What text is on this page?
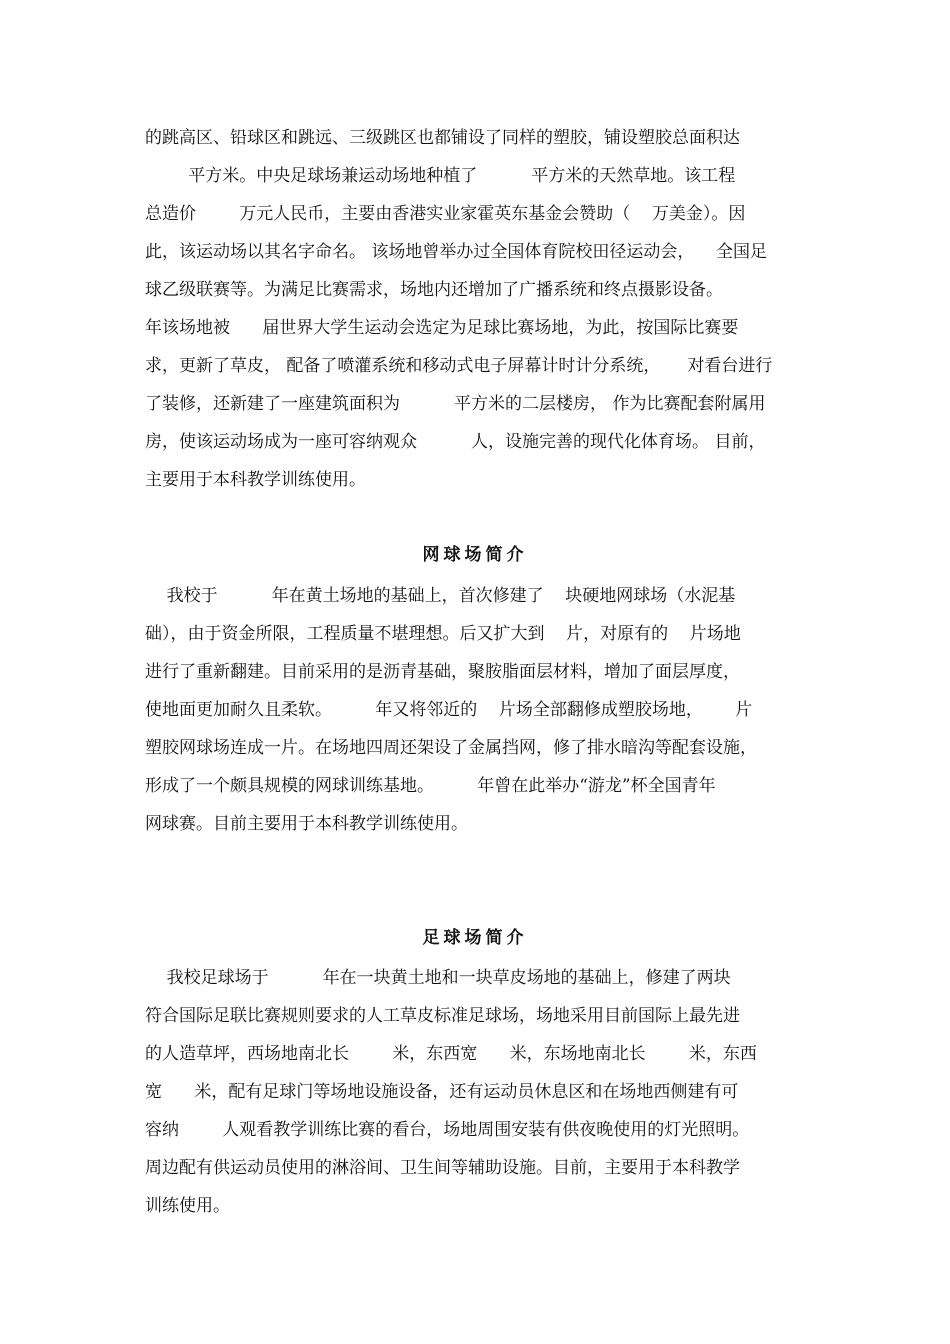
的跳高区、铅球区和跳远、三级跳区也都铺设了同样的塑胶，铺设塑胶总面积达
平方米。中央足球场兼运动场地种植了          平方米的天然草地。该工程
总造价        万元人民币，主要由香港实业家霍英东基金会赞助（    万美金）。因
此，该运动场以其名字命名。 该场地曾举办过全国体育院校田径运动会，    全国足
球乙级联赛等。为满足比赛需求，场地内还增加了广播系统和终点摄影设备。
年该场地被      届世界大学生运动会选定为足球比赛场地，为此，按国际比赛要
求，更新了草皮， 配备了喷灌系统和移动式电子屏幕计时计分系统，     对看台进行
了装修，还新建了一座建筑面积为          平方米的二层楼房， 作为比赛配套附属用
房，使该运动场成为一座可容纳观众          人，设施完善的现代化体育场。 目前，
主要用于本科教学训练使用。
网球场简介
我校于          年在黄土场地的基础上，首次修建了    块硬地网球场（水泥基
础），由于资金所限，工程质量不堪理想。后又扩大到    片，对原有的    片场地
进行了重新翻建。目前采用的是沥青基础，聚胺脂面层材料，增加了面层厚度，
使地面更加耐久且柔软。        年又将邻近的    片场全部翻修成塑胶场地，      片
塑胶网球场连成一片。在场地四周还架设了金属挡网，修了排水暗沟等配套设施，
形成了一个颇具规模的网球训练基地。        年曾在此举办“游龙”杯全国青年
网球赛。目前主要用于本科教学训练使用。
足球场简介
我校足球场于          年在一块黄土地和一块草皮场地的基础上，修建了两块
符合国际足联比赛规则要求的人工草皮标准足球场，场地采用目前国际上最先进
的人造草坪，西场地南北长        米，东西宽      米，东场地南北长        米，东西
宽      米，配有足球门等场地设施设备，还有运动员休息区和在场地西侧建有可
容纳        人观看教学训练比赛的看台，场地周围安装有供夜晚使用的灯光照明。
周边配有供运动员使用的淋浴间、卫生间等辅助设施。目前，主要用于本科教学
训练使用。
